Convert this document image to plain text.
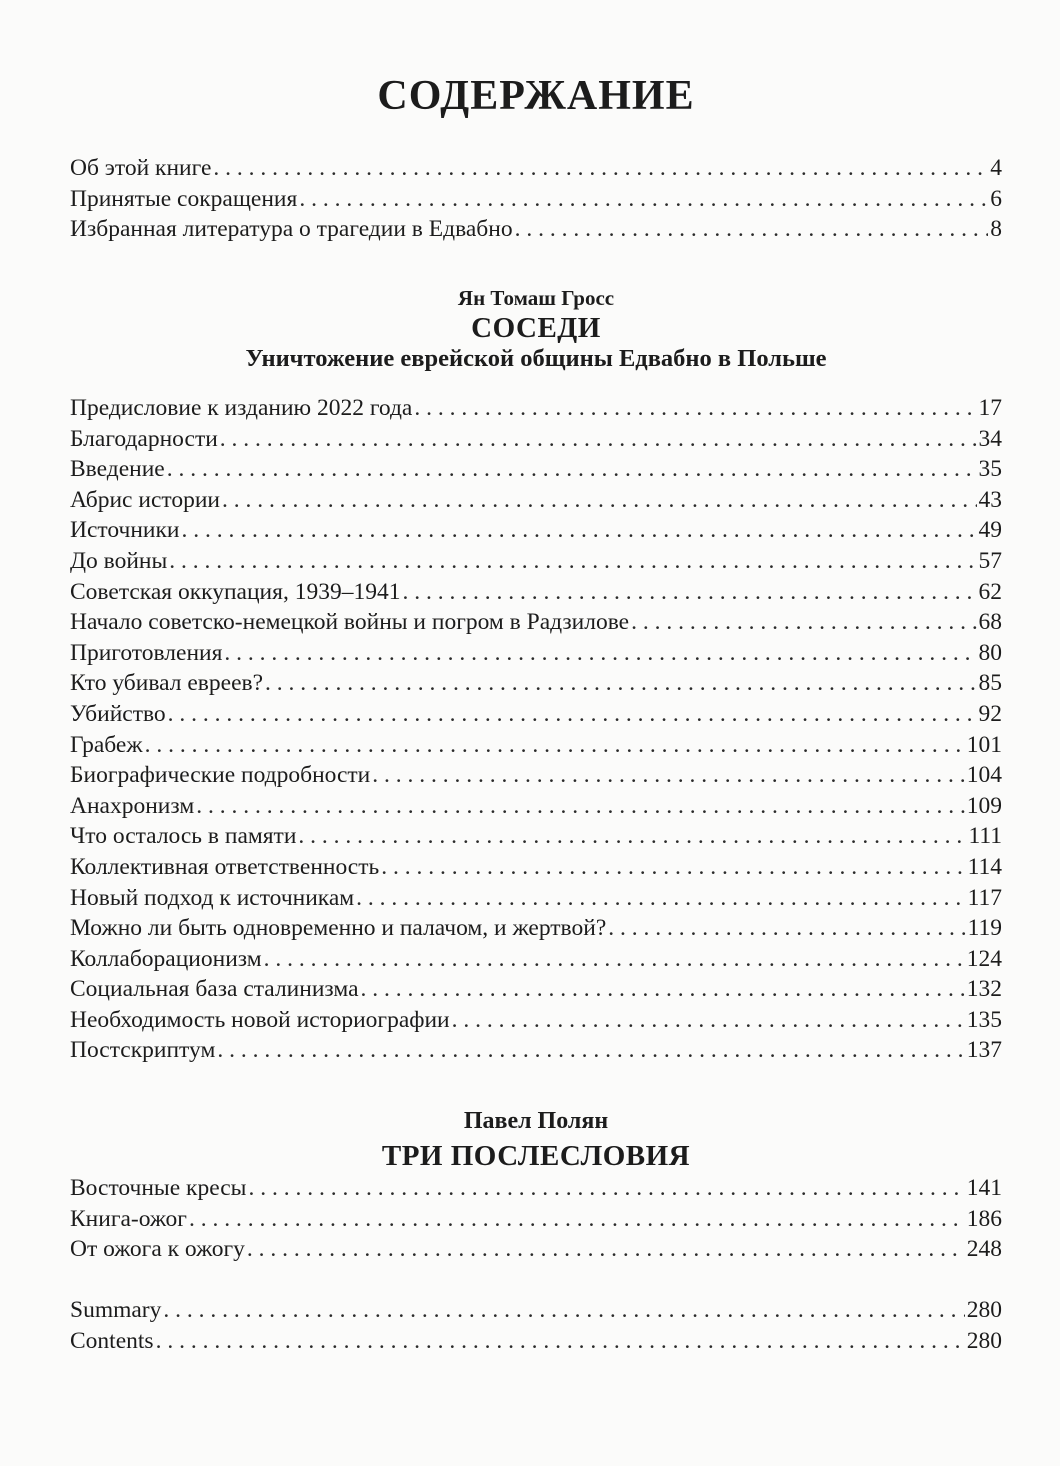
СОДЕРЖАНИЕ
Об этой книге . . .	4
Принятые сокращения . . .	6
Избранная литература о трагедии в Едвабно . . .	8
Ян Томаш Гросс
СОСЕДИ
Уничтожение еврейской общины Едвабно в Польше
Предисловие к изданию 2022 года . . .	17
Благодарности . . .	34
Введение . . .	35
Абрис истории . . .	43
Источники . . .	49
До войны . . .	57
Советская оккупация, 1939–1941 . . .	62
Начало советско-немецкой войны и погром в Радзилове . . .	68
Приготовления . . .	80
Кто убивал евреев? . . .	85
Убийство . . .	92
Грабеж . . .	101
Биографические подробности . . .	104
Анахронизм . . .	109
Что осталось в памяти . . .	111
Коллективная ответственность . . .	114
Новый подход к источникам . . .	117
Можно ли быть одновременно и палачом, и жертвой? . . .	119
Коллаборационизм . . .	124
Социальная база сталинизма . . .	132
Необходимость новой историографии . . .	135
Постскриптум . . .	137
Павел Полян
ТРИ ПОСЛЕСЛОВИЯ
Восточные кресы . . .	141
Книга-ожог . . .	186
От ожога к ожогу . . .	248
Summary . . .	280
Contents . . .	280
